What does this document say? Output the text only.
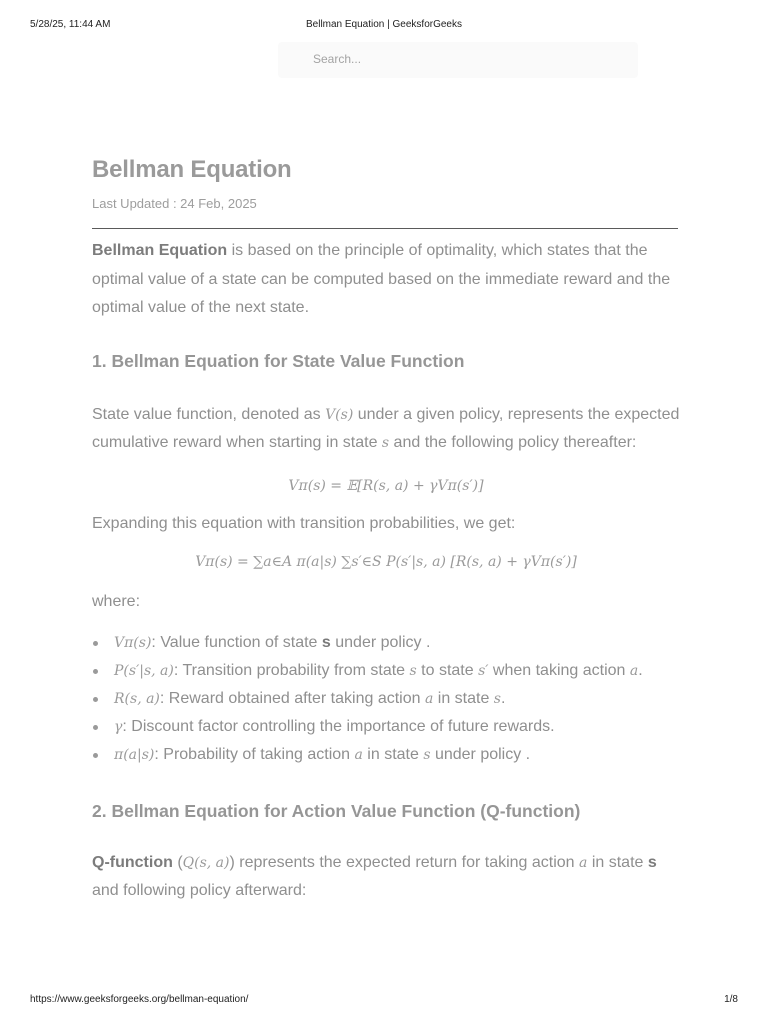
5/28/25, 11:44 AM	Bellman Equation | GeeksforGeeks
Search...
Bellman Equation
Last Updated : 24 Feb, 2025

Bellman Equation is based on the principle of optimality, which states that the optimal value of a state can be computed based on the immediate reward and the optimal value of the next state.

1. Bellman Equation for State Value Function

State value function, denoted as V(s) under a given policy, represents the expected cumulative reward when starting in state s and the following policy thereafter:

Vπ(s) = 𝔼[R(s, a) + γVπ(s′)]

Expanding this equation with transition probabilities, we get:

Vπ(s) = ∑a∈A π(a|s) ∑s′∈S P(s′|s, a) [R(s, a) + γVπ(s′)]

where:

Vπ(s): Value function of state s under policy .
P(s′|s, a): Transition probability from state s to state s′ when taking action a.
R(s, a): Reward obtained after taking action a in state s.
γ: Discount factor controlling the importance of future rewards.
π(a|s): Probability of taking action a in state s under policy .
2. Bellman Equation for Action Value Function (Q-function)

Q-function (Q(s, a)) represents the expected return for taking action a in state s and following policy afterward:

https://www.geeksforgeeks.org/bellman-equation/	1/8
